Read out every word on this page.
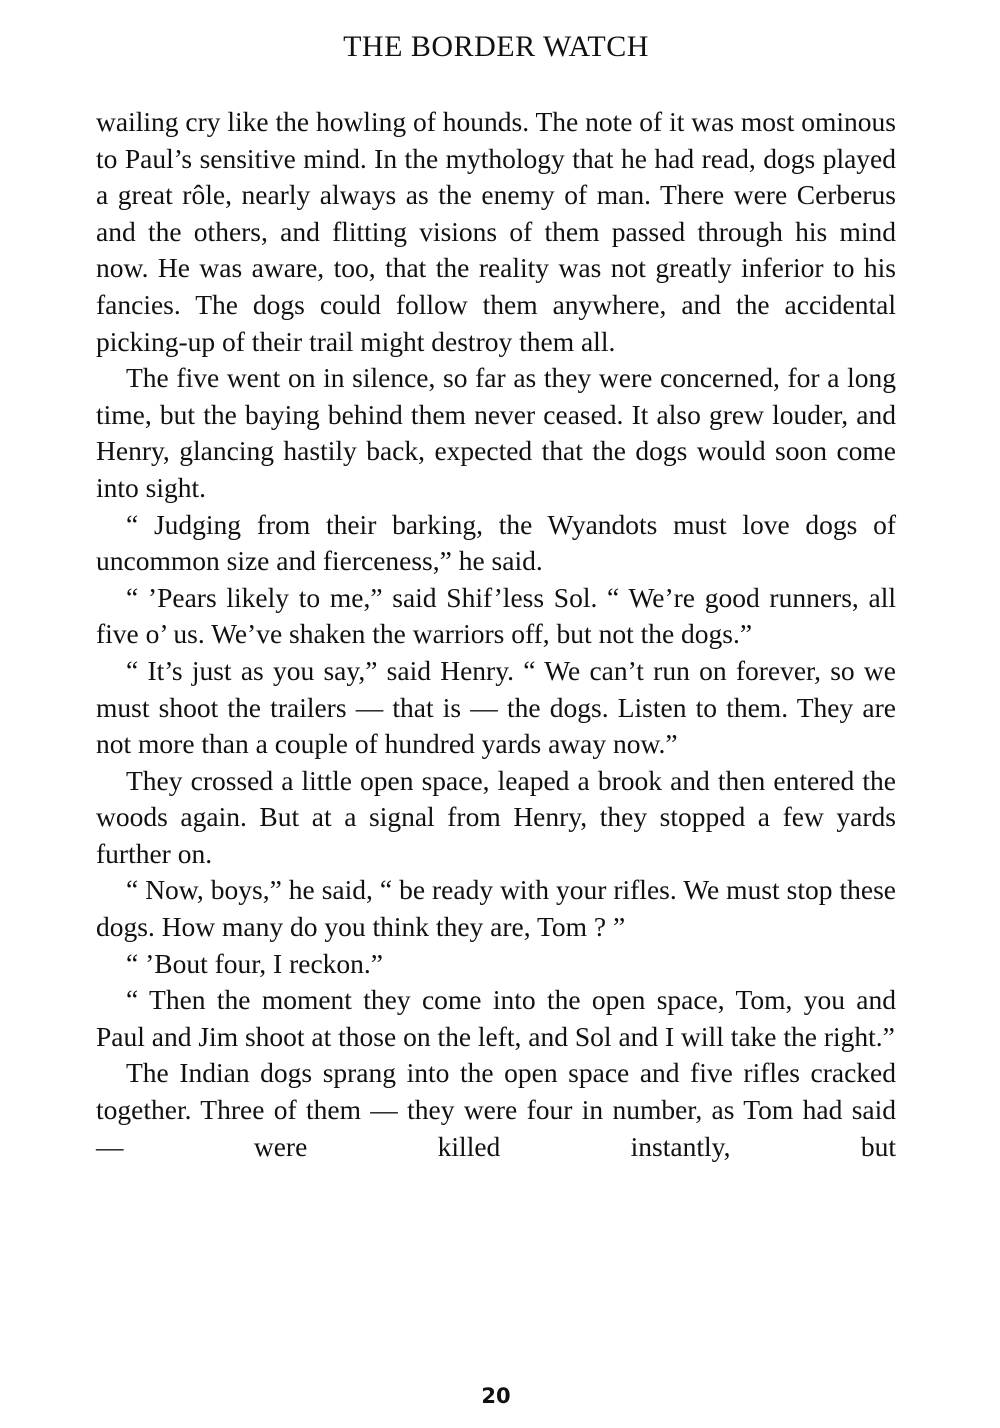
THE BORDER WATCH

wailing cry like the howling of hounds. The note of it was most ominous to Paul’s sensitive mind. In the mythology that he had read, dogs played a great rôle, nearly always as the enemy of man. There were Cerberus and the others, and flitting visions of them passed through his mind now. He was aware, too, that the reality was not greatly inferior to his fancies. The dogs could follow them anywhere, and the accidental picking-up of their trail might destroy them all.

The five went on in silence, so far as they were concerned, for a long time, but the baying behind them never ceased. It also grew louder, and Henry, glancing hastily back, expected that the dogs would soon come into sight.

“ Judging from their barking, the Wyandots must love dogs of uncommon size and fierceness,” he said.

“ ’Pears likely to me,” said Shif’less Sol. “ We’re good runners, all five o’ us. We’ve shaken the warriors off, but not the dogs.”

“ It’s just as you say,” said Henry. “ We can’t run on forever, so we must shoot the trailers — that is — the dogs. Listen to them. They are not more than a couple of hundred yards away now.”

They crossed a little open space, leaped a brook and then entered the woods again. But at a signal from Henry, they stopped a few yards further on.

“ Now, boys,” he said, “ be ready with your rifles. We must stop these dogs. How many do you think they are, Tom ? ”

“ ’Bout four, I reckon.”

“ Then the moment they come into the open space, Tom, you and Paul and Jim shoot at those on the left, and Sol and I will take the right.”

The Indian dogs sprang into the open space and five rifles cracked together. Three of them — they were four in number, as Tom had said — were killed instantly, but

20
